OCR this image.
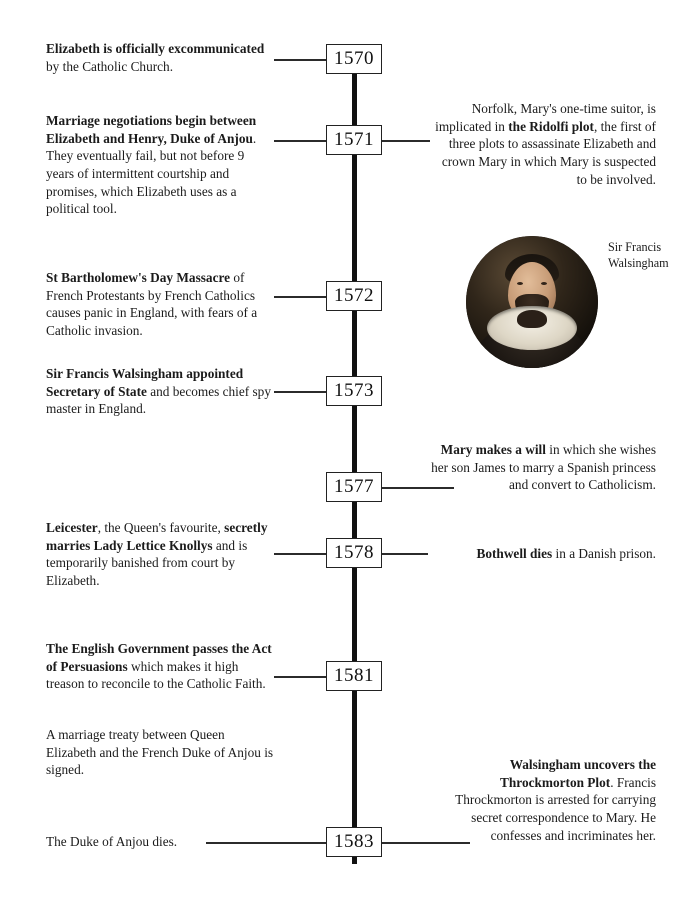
1570
1571
1572
1573
1577
1578
1581
1583
Elizabeth is officially excommunicated by the Catholic Church.
Marriage negotiations begin between Elizabeth and Henry, Duke of Anjou. They eventually fail, but not before 9 years of intermittent courtship and promises, which Elizabeth uses as a political tool.
St Bartholomew's Day Massacre of French Protestants by French Catholics causes panic in England, with fears of a Catholic invasion.
Sir Francis Walsingham appointed Secretary of State and becomes chief spy master in England.
Leicester, the Queen's favourite, secretly marries Lady Lettice Knollys and is temporarily banished from court by Elizabeth.
The English Government passes the Act of Persuasions which makes it high treason to reconcile to the Catholic Faith.
A marriage treaty between Queen Elizabeth and the French Duke of Anjou is signed.
The Duke of Anjou dies.
Norfolk, Mary's one-time suitor, is implicated in the Ridolfi plot, the first of three plots to assassinate Elizabeth and crown Mary in which Mary is suspected to be involved.
Mary makes a will in which she wishes her son James to marry a Spanish princess and convert to Catholicism.
Bothwell dies in a Danish prison.
Walsingham uncovers the Throckmorton Plot. Francis Throckmorton is arrested for carrying secret correspondence to Mary. He confesses and incriminates her.
Sir Francis Walsingham
